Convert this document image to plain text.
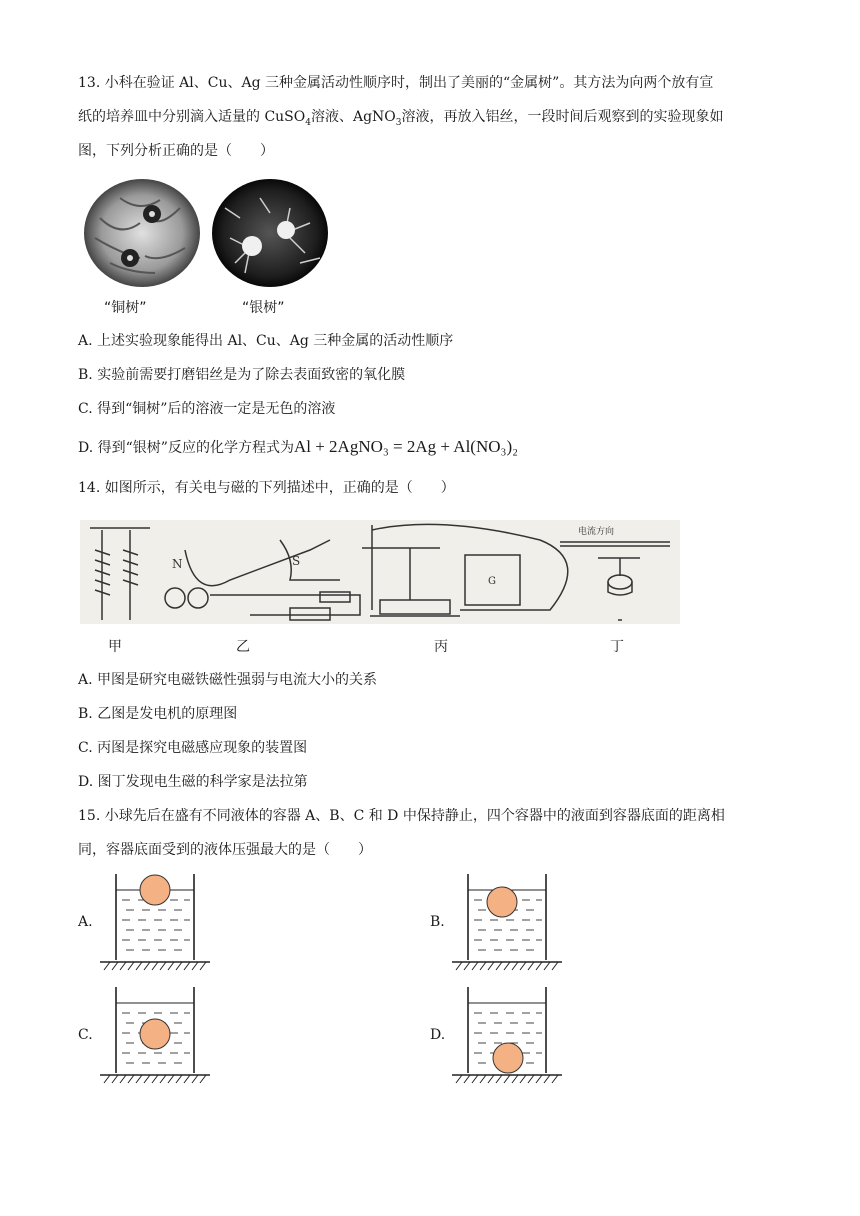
13. 小科在验证 Al、Cu、Ag 三种金属活动性顺序时，制出了美丽的“金属树”。其方法为向两个放有宣
纸的培养皿中分别滴入适量的 CuSO$_4$溶液、AgNO$_3$溶液，再放入铝丝，一段时间后观察到的实验现象如
图，下列分析正确的是（　　）
“铜树”	“银树”
A. 上述实验现象能得出 Al、Cu、Ag 三种金属的活动性顺序
B. 实验前需要打磨铝丝是为了除去表面致密的氧化膜
C. 得到“铜树”后的溶液一定是无色的溶液
D. 得到“银树”反应的化学方程式为Al + 2AgNO₃ = 2Ag + Al(NO₃)₂
14. 如图所示，有关电与磁的下列描述中，正确的是（　　）
N	S
G
电流方向
甲	乙	丙	丁
A. 甲图是研究电磁铁磁性强弱与电流大小的关系
B. 乙图是发电机的原理图
C. 丙图是探究电磁感应现象的装置图
D. 图丁发现电生磁的科学家是法拉第
15. 小球先后在盛有不同液体的容器 A、B、C 和 D 中保持静止，四个容器中的液面到容器底面的距离相
同，容器底面受到的液体压强最大的是（　　）
A.	B.
C.	D.
